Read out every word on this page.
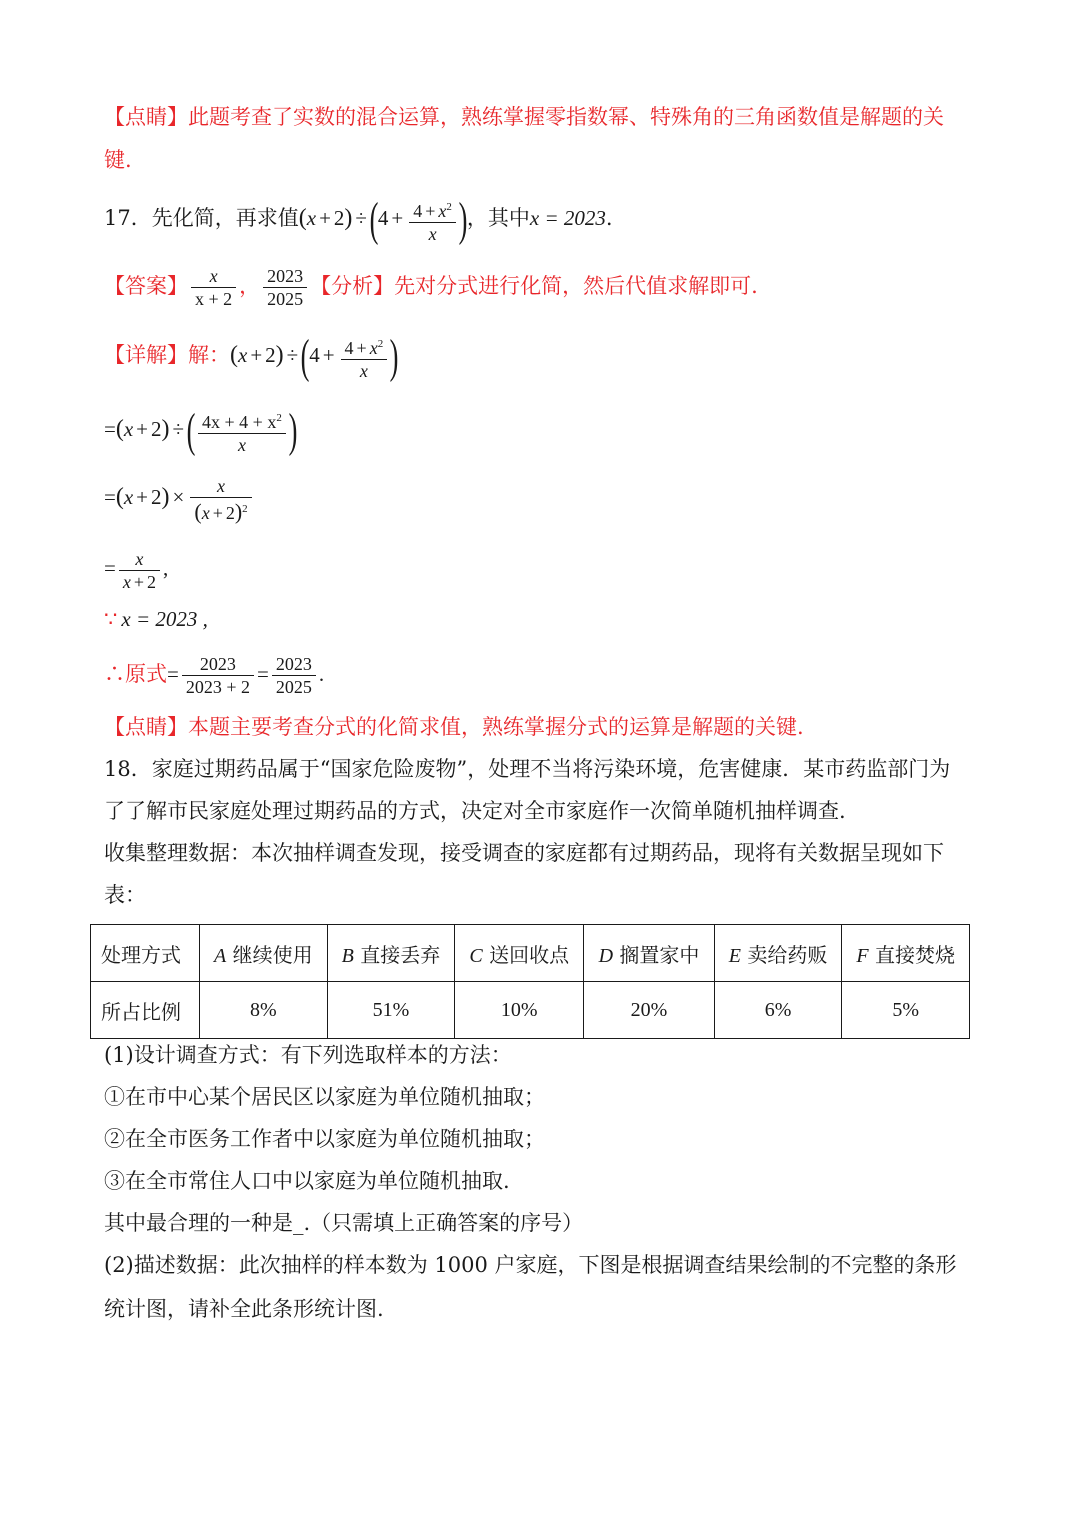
【点睛】此题考查了实数的混合运算，熟练掌握零指数幂、特殊角的三角函数值是解题的关
键.
17．先化简，再求值$(x + 2) \div(4 + \frac{4 + x^2}{x}$ )，其中x = 2023.
【答案】 $\frac{x}{x + 2}$ ， $\frac{2023}{2025}$ 【分析】先对分式进行化简，然后代值求解即可.
【详解】解：$(x + 2) \div(4 + \frac{4 + x^2}{x}$ )
=(x + 2) ÷( $\frac{4x + 4 + x^2}{x}$ )
$=(x + 2) \times \frac{x}{(x + 2)^2}$
= $\frac{x}{x + 2}$ ,
∵ x = 2023 ,
∴原式= $\frac{2023}{2023 + 2} = \frac{2023}{2025}$ .
【点睛】本题主要考查分式的化简求值，熟练掌握分式的运算是解题的关键.
18．家庭过期药品属于“国家危险废物”，处理不当将污染环境，危害健康．某市药监部门为
了了解市民家庭处理过期药品的方式，决定对全市家庭作一次简单随机抽样调查.
收集整理数据：本次抽样调查发现，接受调查的家庭都有过期药品，现将有关数据呈现如下
表：
处理方式	A 继续使用	B 直接丢弃	C 送回收点	D 搁置家中	E 卖给药贩	F 直接焚烧
所占比例	8%	51%	10%	20%	6%	5%
(1)设计调查方式：有下列选取样本的方法：
①在市中心某个居民区以家庭为单位随机抽取；
②在全市医务工作者中以家庭为单位随机抽取；
③在全市常住人口中以家庭为单位随机抽取.
其中最合理的一种是_.（只需填上正确答案的序号）
(2)描述数据：此次抽样的样本数为 1000 户家庭，下图是根据调查结果绘制的不完整的条形
统计图，请补全此条形统计图.
